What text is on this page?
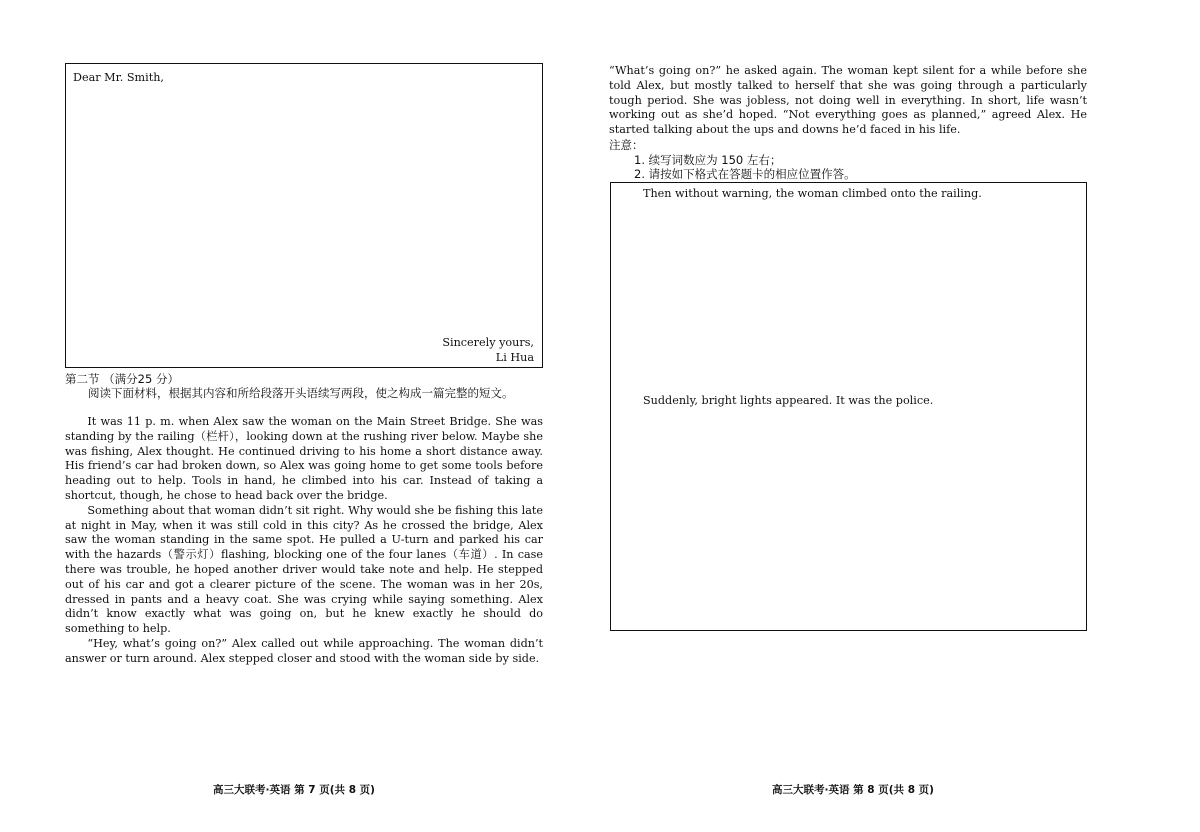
Dear Mr. Smith,
Sincerely yours,
Li Hua
第二节 （满分25 分）

阅读下面材料，根据其内容和所给段落开头语续写两段，使之构成一篇完整的短文。

It was 11 p. m. when Alex saw the woman on the Main Street Bridge. She was standing by the railing（栏杆），looking down at the rushing river below. Maybe she was fishing, Alex thought. He continued driving to his home a short distance away. His friend’s car had broken down, so Alex was going home to get some tools before heading out to help. Tools in hand, he climbed into his car. Instead of taking a shortcut, though, he chose to head back over the bridge.

Something about that woman didn’t sit right. Why would she be fishing this late at night in May, when it was still cold in this city? As he crossed the bridge, Alex saw the woman standing in the same spot. He pulled a U-turn and parked his car with the hazards（警示灯）flashing, blocking one of the four lanes（车道）. In case there was trouble, he hoped another driver would take note and help. He stepped out of his car and got a clearer picture of the scene. The woman was in her 20s, dressed in pants and a heavy coat. She was crying while saying something. Alex didn’t know exactly what was going on, but he knew exactly he should do something to help.

“Hey, what’s going on?” Alex called out while approaching. The woman didn’t answer or turn around. Alex stepped closer and stood with the woman side by side.

“What’s going on?” he asked again. The woman kept silent for a while before she told Alex, but mostly talked to herself that she was going through a particularly tough period. She was jobless, not doing well in everything. In short, life wasn’t working out as she’d hoped. “Not everything goes as planned,” agreed Alex. He started talking about the ups and downs he’d faced in his life.

注意：
1. 续写词数应为 150 左右；
2. 请按如下格式在答题卡的相应位置作答。
Then without warning, the woman climbed onto the railing.
Suddenly, bright lights appeared. It was the police.
高三大联考·英语 第 7 页(共 8 页)	高三大联考·英语 第 8 页(共 8 页)
